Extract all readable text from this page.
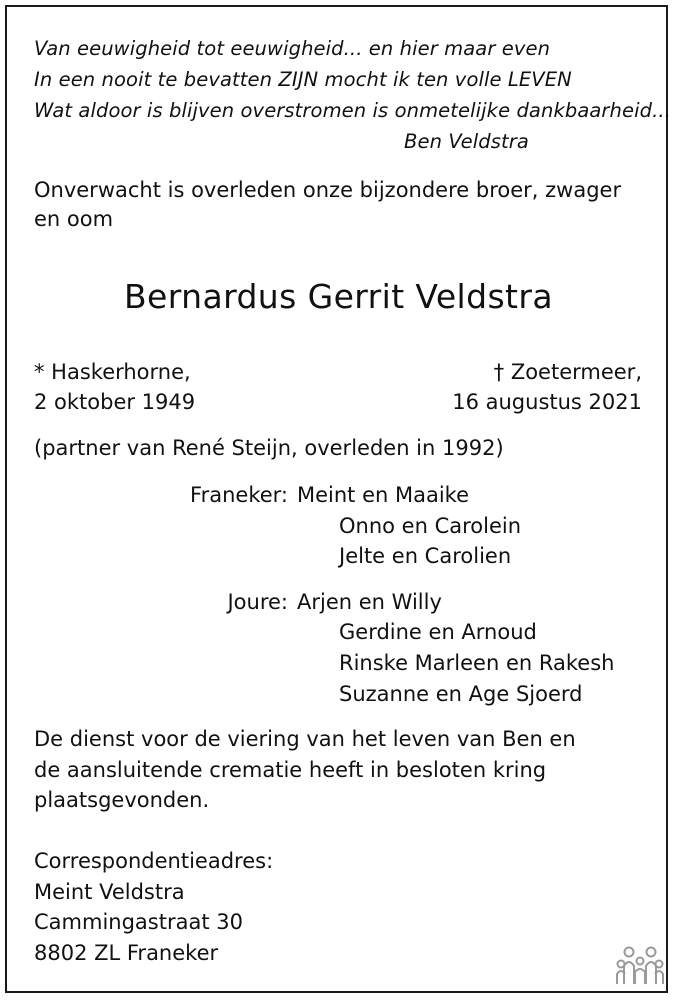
Van eeuwigheid tot eeuwigheid... en hier maar even
In een nooit te bevatten ZIJN mocht ik ten volle LEVEN
Wat aldoor is blijven overstromen is onmetelijke dankbaarheid...
Ben Veldstra
Onverwacht is overleden onze bijzondere broer, zwager
en oom
Bernardus Gerrit Veldstra
* Haskerhorne,
2 oktober 1949
† Zoetermeer,
16 augustus 2021
(partner van René Steijn, overleden in 1992)
Franeker: Meint en Maaike
Onno en Carolein
Jelte en Carolien
Joure: Arjen en Willy
Gerdine en Arnoud
Rinske Marleen en Rakesh
Suzanne en Age Sjoerd
De dienst voor de viering van het leven van Ben en
de aansluitende crematie heeft in besloten kring
plaatsgevonden.
Correspondentieadres:
Meint Veldstra
Cammingastraat 30
8802 ZL Franeker
